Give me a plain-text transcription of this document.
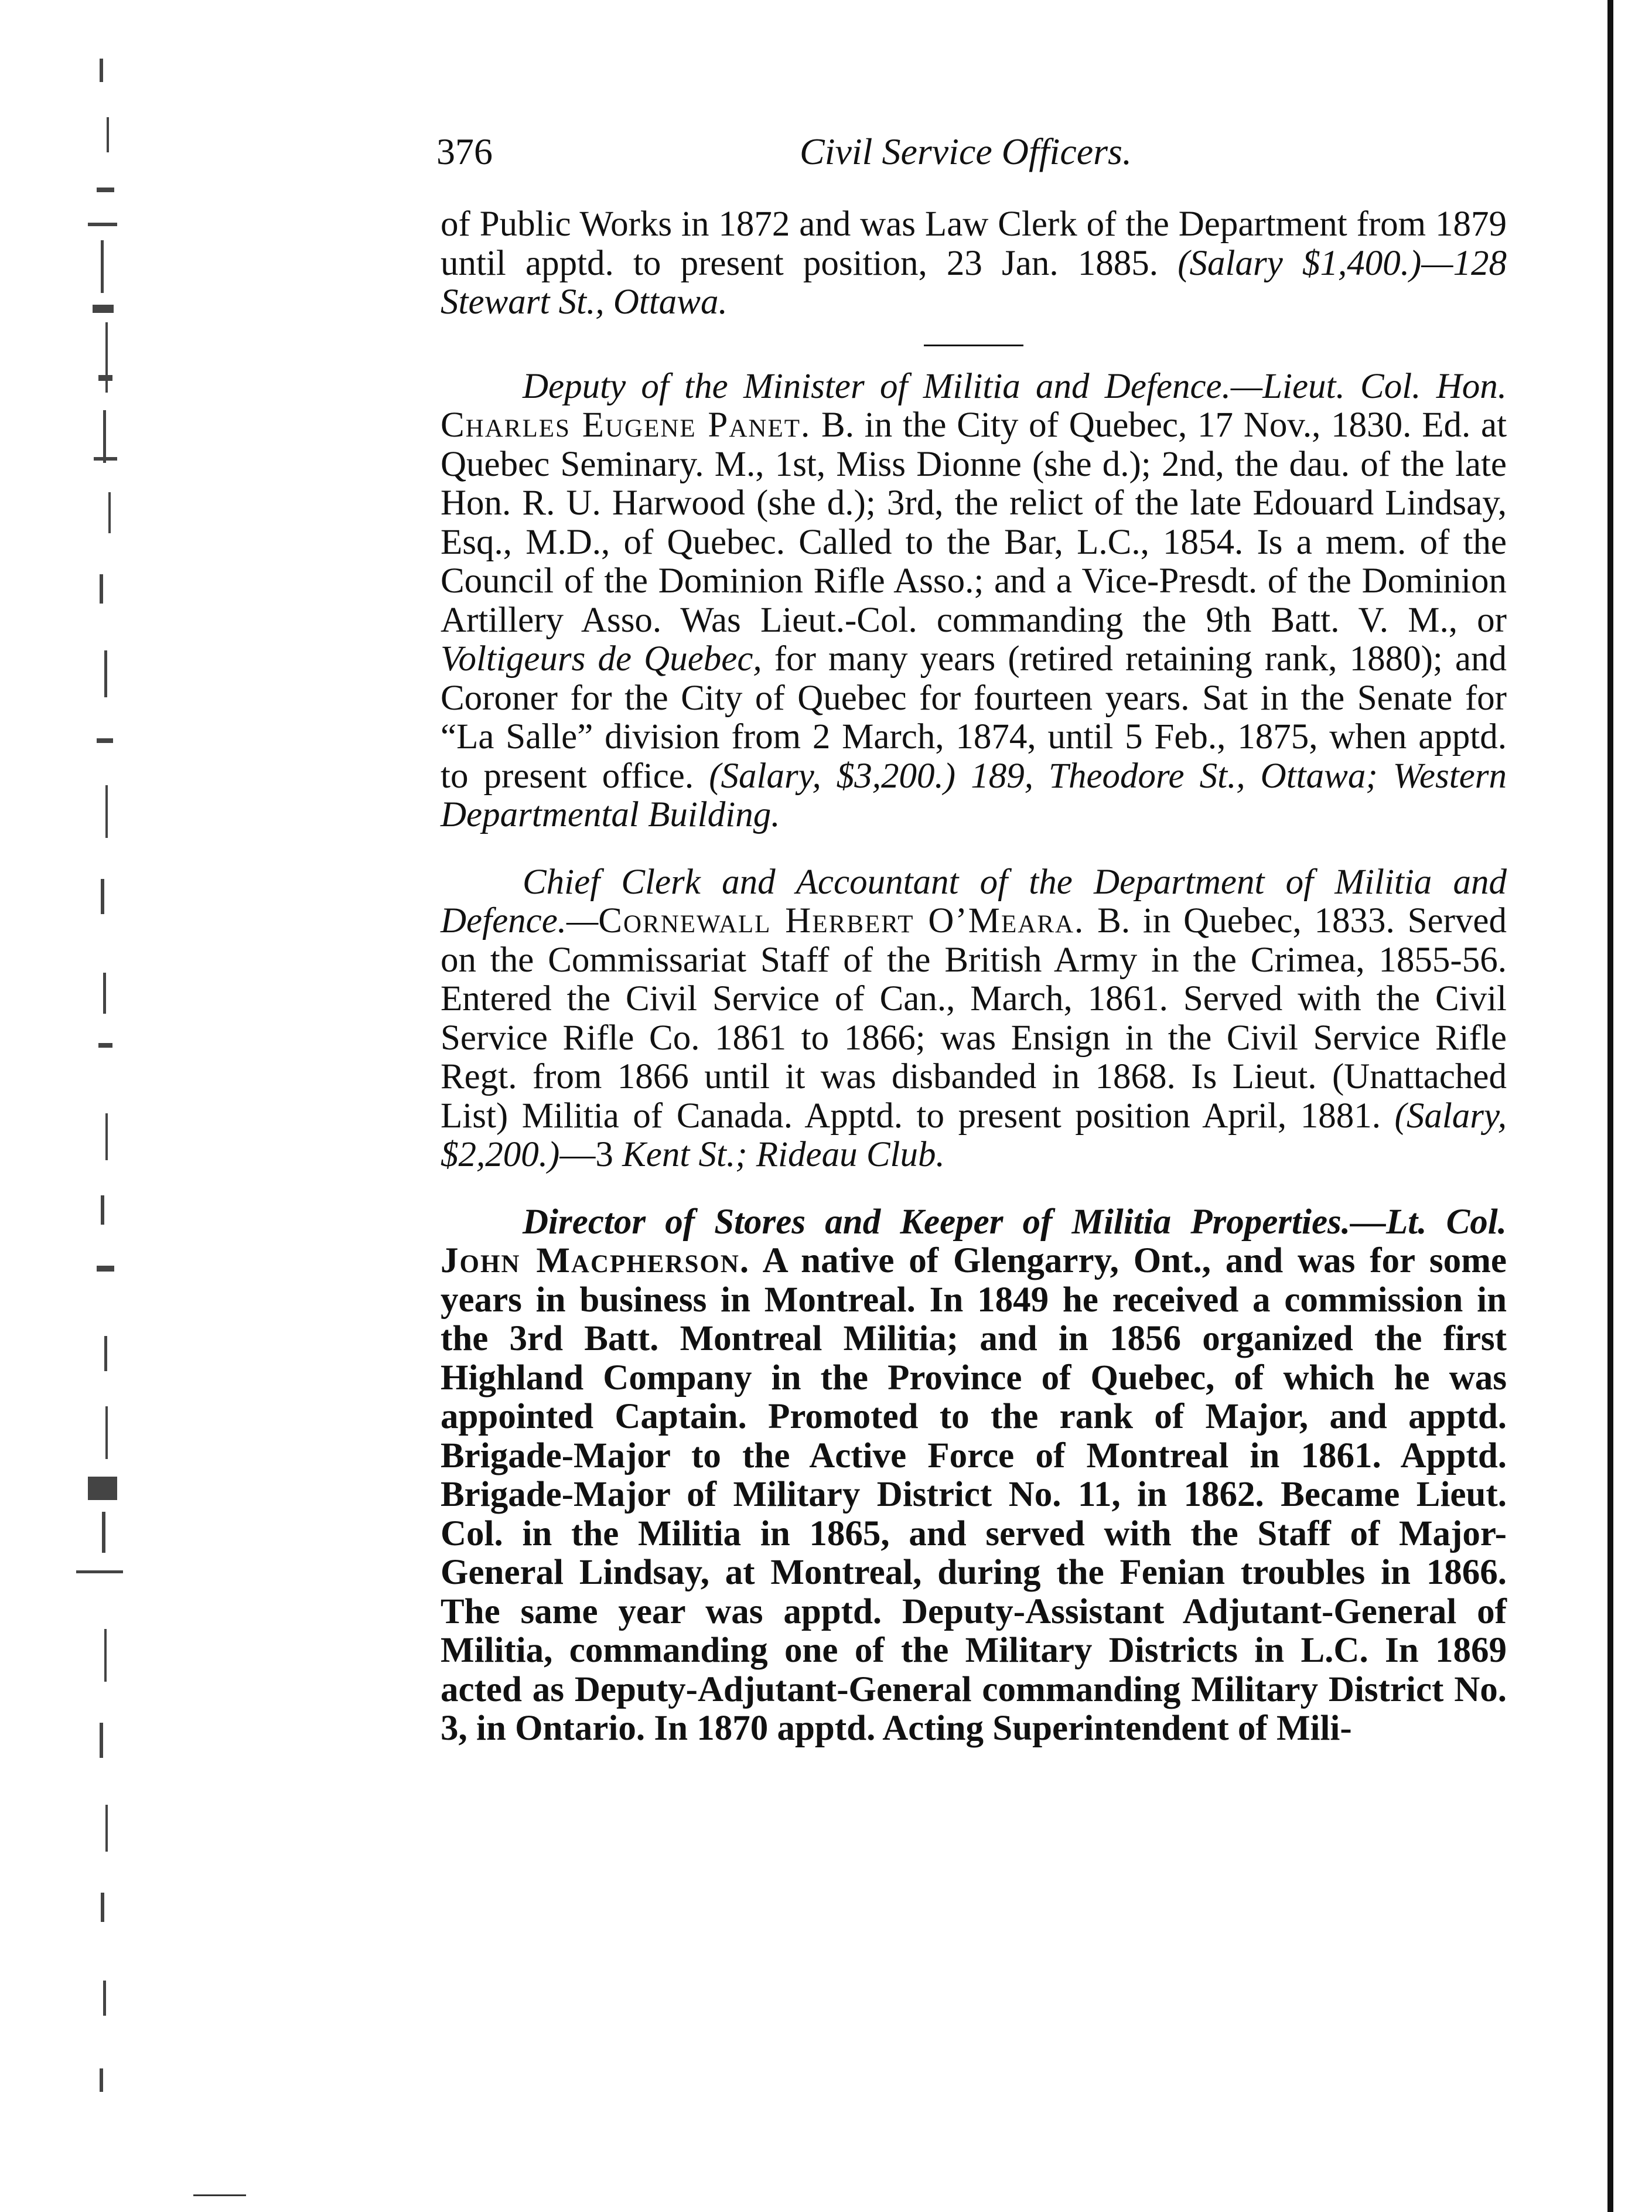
376	Civil Service Officers.

of Public Works in 1872 and was Law Clerk of the Department from 1879 until apptd. to present position, 23 Jan. 1885. (Salary $1,400.)—128 Stewart St., Ottawa.

Deputy of the Minister of Militia and Defence.—Lieut. Col. Hon. Charles Eugene Panet. B. in the City of Quebec, 17 Nov., 1830. Ed. at Quebec Seminary. M., 1st, Miss Dionne (she d.); 2nd, the dau. of the late Hon. R. U. Harwood (she d.); 3rd, the relict of the late Edouard Lindsay, Esq., M.D., of Quebec. Called to the Bar, L.C., 1854. Is a mem. of the Council of the Dominion Rifle Asso.; and a Vice-Presdt. of the Dominion Artillery Asso. Was Lieut.-Col. commanding the 9th Batt. V. M., or Voltigeurs de Quebec, for many years (retired retaining rank, 1880); and Coroner for the City of Quebec for fourteen years. Sat in the Senate for “La Salle” division from 2 March, 1874, until 5 Feb., 1875, when apptd. to present office. (Salary, $3,200.) 189, Theodore St., Ottawa; Western Departmental Building.

Chief Clerk and Accountant of the Department of Militia and Defence.—Cornewall Herbert O’Meara. B. in Quebec, 1833. Served on the Commissariat Staff of the British Army in the Crimea, 1855-56. Entered the Civil Service of Can., March, 1861. Served with the Civil Service Rifle Co. 1861 to 1866; was Ensign in the Civil Service Rifle Regt. from 1866 until it was disbanded in 1868. Is Lieut. (Unattached List) Militia of Canada. Apptd. to present position April, 1881. (Salary, $2,200.)—3 Kent St.; Rideau Club.

Director of Stores and Keeper of Militia Properties.—Lt. Col. John Macpherson. A native of Glengarry, Ont., and was for some years in business in Montreal. In 1849 he received a commission in the 3rd Batt. Montreal Militia; and in 1856 organized the first Highland Company in the Province of Quebec, of which he was appointed Captain. Promoted to the rank of Major, and apptd. Brigade-Major to the Active Force of Montreal in 1861. Apptd. Brigade-Major of Military District No. 11, in 1862. Became Lieut. Col. in the Militia in 1865, and served with the Staff of Major-General Lindsay, at Montreal, during the Fenian troubles in 1866. The same year was apptd. Deputy-Assistant Adjutant-General of Militia, commanding one of the Military Districts in L.C. In 1869 acted as Deputy-Adjutant-General commanding Military District No. 3, in Ontario. In 1870 apptd. Acting Superintendent of Mili-
